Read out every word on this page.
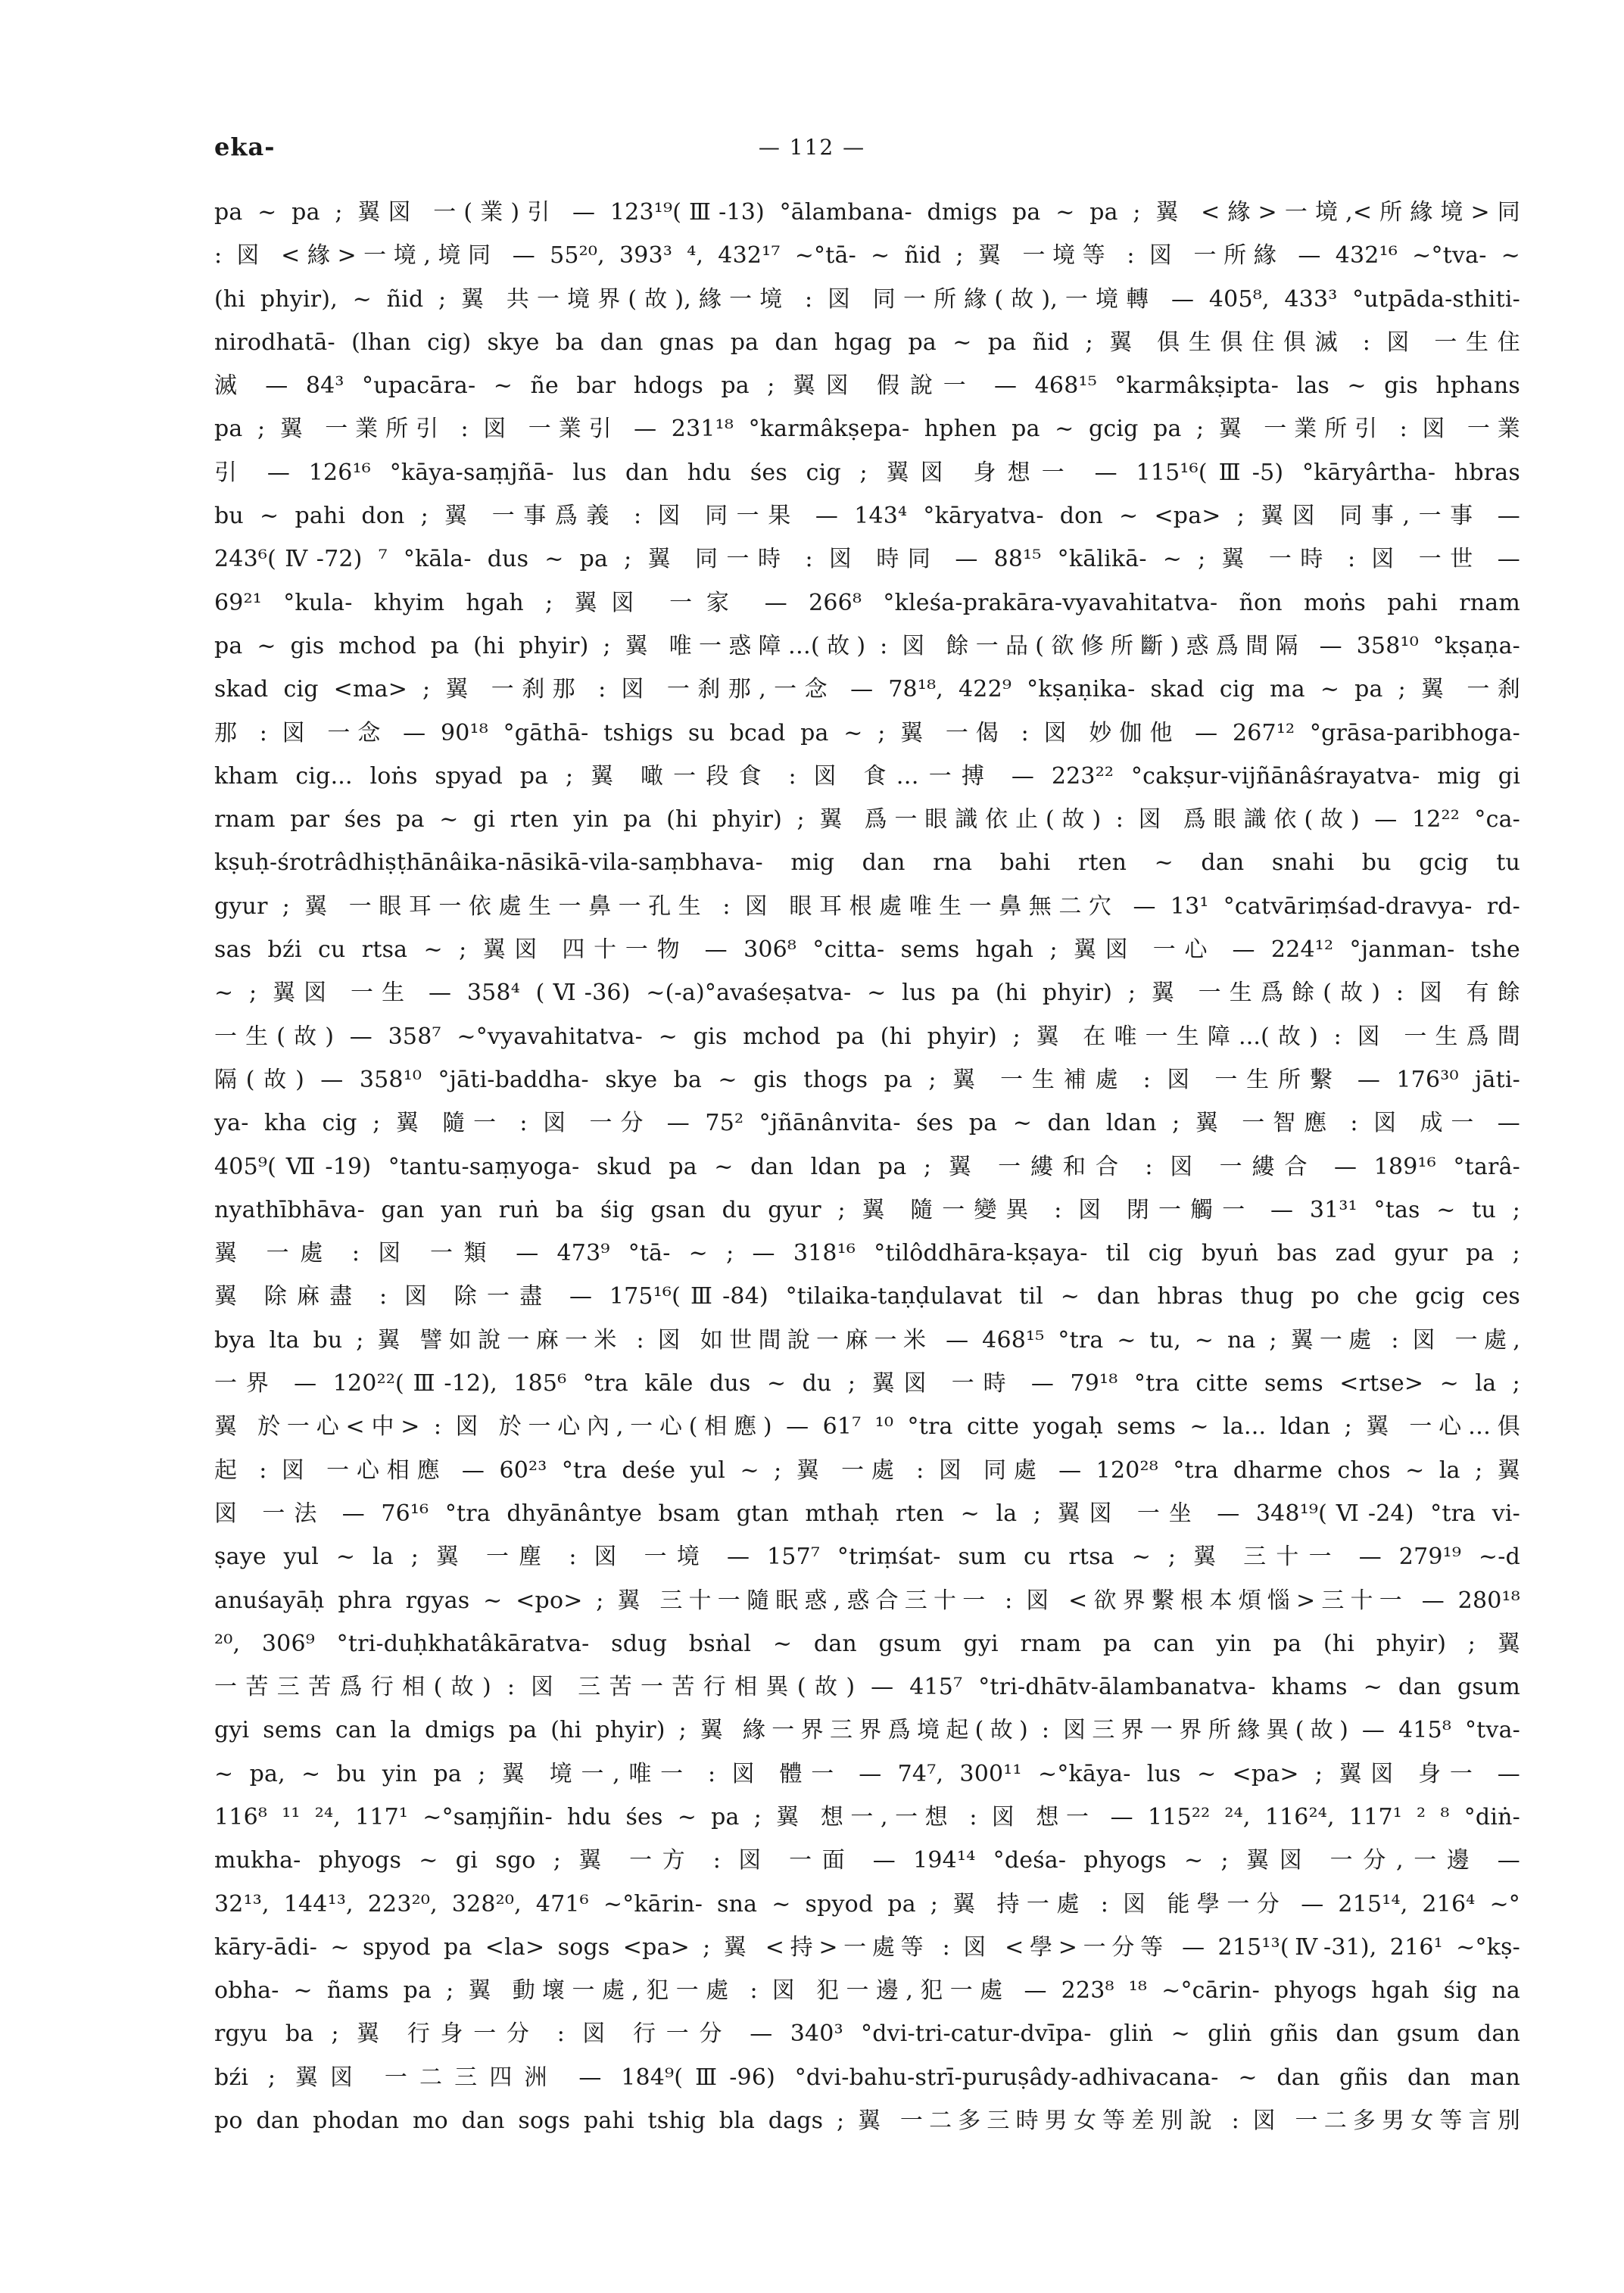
eka-	— 112 —
pa ~ pa ; 翼図 一(業)引 — 123¹⁹(Ⅲ-13) °ālambana- dmigs pa ~ pa ; 翼 <緣>一境,<所緣境>同
: 図 <緣>一境,境同 — 55²⁰, 393³ ⁴, 432¹⁷ ~°tā- ~ ñid ; 翼 一境等 : 図 一所緣 — 432¹⁶ ~°tva- ~
(hi phyir), ~ ñid ; 翼 共一境界(故),緣一境 : 図 同一所緣(故),一境轉 — 405⁸, 433³ °utpāda-sthiti-
nirodhatā- (lhan cig) skye ba dan gnas pa dan hgag pa ~ pa ñid ; 翼 俱生俱住俱滅 : 図 一生住
滅 — 84³ °upacāra- ~ ñe bar hdogs pa ; 翼図 假說一 — 468¹⁵ °karmâkṣipta- las ~ gis hphans
pa ; 翼 一業所引 : 図 一業引 — 231¹⁸ °karmâkṣepa- hphen pa ~ gcig pa ; 翼 一業所引 : 図 一業
引 — 126¹⁶ °kāya-saṃjñā- lus dan hdu śes cig ; 翼図 身想一 — 115¹⁶(Ⅲ-5) °kāryârtha- hbras
bu ~ pahi don ; 翼 一事爲義 : 図 同一果 — 143⁴ °kāryatva- don ~ <pa> ; 翼図 同事,一事 —
243⁶(Ⅳ-72) ⁷ °kāla- dus ~ pa ; 翼 同一時 : 図 時同 — 88¹⁵ °kālikā- ~ ; 翼 一時 : 図 一世 —
69²¹ °kula- khyim hgah ; 翼図 一家 — 266⁸ °kleśa-prakāra-vyavahitatva- ñon moṅs pahi rnam
pa ~ gis mchod pa (hi phyir) ; 翼 唯一惑障…(故) : 図 餘一品(欲修所斷)惑爲間隔 — 358¹⁰ °kṣaṇa-
skad cig <ma> ; 翼 一刹那 : 図 一刹那,一念 — 78¹⁸, 422⁹ °kṣaṇika- skad cig ma ~ pa ; 翼 一刹
那 : 図 一念 — 90¹⁸ °gāthā- tshigs su bcad pa ~ ; 翼 一偈 : 図 妙伽他 — 267¹² °grāsa-paribhoga-
kham cig... loṅs spyad pa ; 翼 噉一段食 : 図 食…一搏 — 223²² °cakṣur-vijñānâśrayatva- mig gi
rnam par śes pa ~ gi rten yin pa (hi phyir) ; 翼 爲一眼識依止(故) : 図 爲眼識依(故) — 12²² °ca-
kṣuḥ-śrotrâdhiṣṭhānâika-nāsikā-vila-saṃbhava- mig dan rna bahi rten ~ dan snahi bu gcig tu
gyur ; 翼 一眼耳一依處生一鼻一孔生 : 図 眼耳根處唯生一鼻無二穴 — 13¹ °catvāriṃśad-dravya- rd-
sas bźi cu rtsa ~ ; 翼図 四十一物 — 306⁸ °citta- sems hgah ; 翼図 一心 — 224¹² °janman- tshe
~ ; 翼図 一生 — 358⁴ (Ⅵ-36) ~(-a)°avaśeṣatva- ~ lus pa (hi phyir) ; 翼 一生爲餘(故) : 図 有餘
一生(故) — 358⁷ ~°vyavahitatva- ~ gis mchod pa (hi phyir) ; 翼 在唯一生障...(故) : 図 一生爲間
隔(故) — 358¹⁰ °jāti-baddha- skye ba ~ gis thogs pa ; 翼 一生補處 : 図 一生所繫 — 176³⁰ jāti-
ya- kha cig ; 翼 隨一 : 図 一分 — 75² °jñānânvita- śes pa ~ dan ldan ; 翼 一智應 : 図 成一 —
405⁹(Ⅶ-19) °tantu-saṃyoga- skud pa ~ dan ldan pa ; 翼 一縷和合 : 図 一縷合 — 189¹⁶ °tarâ-
nyathībhāva- gan yan ruṅ ba śig gsan du gyur ; 翼 隨一變異 : 図 閉一觸一 — 31³¹ °tas ~ tu ;
翼 一處 : 図 一類 — 473⁹ °tā- ~ ; — 318¹⁶ °tilôddhāra-kṣaya- til cig byuṅ bas zad gyur pa ;
翼 除麻盡 : 図 除一盡 — 175¹⁶(Ⅲ-84) °tilaika-taṇḍulavat til ~ dan hbras thug po che gcig ces
bya lta bu ; 翼 譬如說一麻一米 : 図 如世間說一麻一米 — 468¹⁵ °tra ~ tu, ~ na ; 翼一處 : 図 一處,
一界 — 120²²(Ⅲ-12), 185⁶ °tra kāle dus ~ du ; 翼図 一時 — 79¹⁸ °tra citte sems <rtse> ~ la ;
翼 於一心<中> : 図 於一心內,一心(相應) — 61⁷ ¹⁰ °tra citte yogaḥ sems ~ la... ldan ; 翼 一心…俱
起 : 図 一心相應 — 60²³ °tra deśe yul ~ ; 翼 一處 : 図 同處 — 120²⁸ °tra dharme chos ~ la ; 翼
図 一法 — 76¹⁶ °tra dhyānântye bsam gtan mthaḥ rten ~ la ; 翼図 一坐 — 348¹⁹(Ⅵ-24) °tra vi-
ṣaye yul ~ la ; 翼 一塵 : 図 一境 — 157⁷ °triṃśat- sum cu rtsa ~ ; 翼 三十一 — 279¹⁹ ~-d
anuśayāḥ phra rgyas ~ <po> ; 翼 三十一隨眠惑,惑合三十一 : 図 <欲界繫根本煩惱>三十一 — 280¹⁸
²⁰, 306⁹ °tri-duḥkhatâkāratva- sdug bsṅal ~ dan gsum gyi rnam pa can yin pa (hi phyir) ; 翼
一苦三苦爲行相(故) : 図 三苦一苦行相異(故) — 415⁷ °tri-dhātv-ālambanatva- khams ~ dan gsum
gyi sems can la dmigs pa (hi phyir) ; 翼 緣一界三界爲境起(故) : 図三界一界所緣異(故) — 415⁸ °tva-
~ pa, ~ bu yin pa ; 翼 境一,唯一 : 図 體一 — 74⁷, 300¹¹ ~°kāya- lus ~ <pa> ; 翼図 身一 —
116⁸ ¹¹ ²⁴, 117¹ ~°saṃjñin- hdu śes ~ pa ; 翼 想一,一想 : 図 想一 — 115²² ²⁴, 116²⁴, 117¹ ² ⁸ °diṅ-
mukha- phyogs ~ gi sgo ; 翼 一方 : 図 一面 — 194¹⁴ °deśa- phyogs ~ ; 翼図 一分,一邊 —
32¹³, 144¹³, 223²⁰, 328²⁰, 471⁶ ~°kārin- sna ~ spyod pa ; 翼 持一處 : 図 能學一分 — 215¹⁴, 216⁴ ~°
kāry-ādi- ~ spyod pa <la> sogs <pa> ; 翼 <持>一處等 : 図 <學>一分等 — 215¹³(Ⅳ-31), 216¹ ~°kṣ-
obha- ~ ñams pa ; 翼 動壞一處,犯一處 : 図 犯一邊,犯一處 — 223⁸ ¹⁸ ~°cārin- phyogs hgah śig na
rgyu ba ; 翼 行身一分 : 図 行一分 — 340³ °dvi-tri-catur-dvīpa- gliṅ ~ gliṅ gñis dan gsum dan
bźi ; 翼図 一二三四洲 — 184⁹(Ⅲ-96) °dvi-bahu-strī-puruṣâdy-adhivacana- ~ dan gñis dan man
po dan phodan mo dan sogs pahi tshig bla dags ; 翼 一二多三時男女等差別說 : 図 一二多男女等言別
